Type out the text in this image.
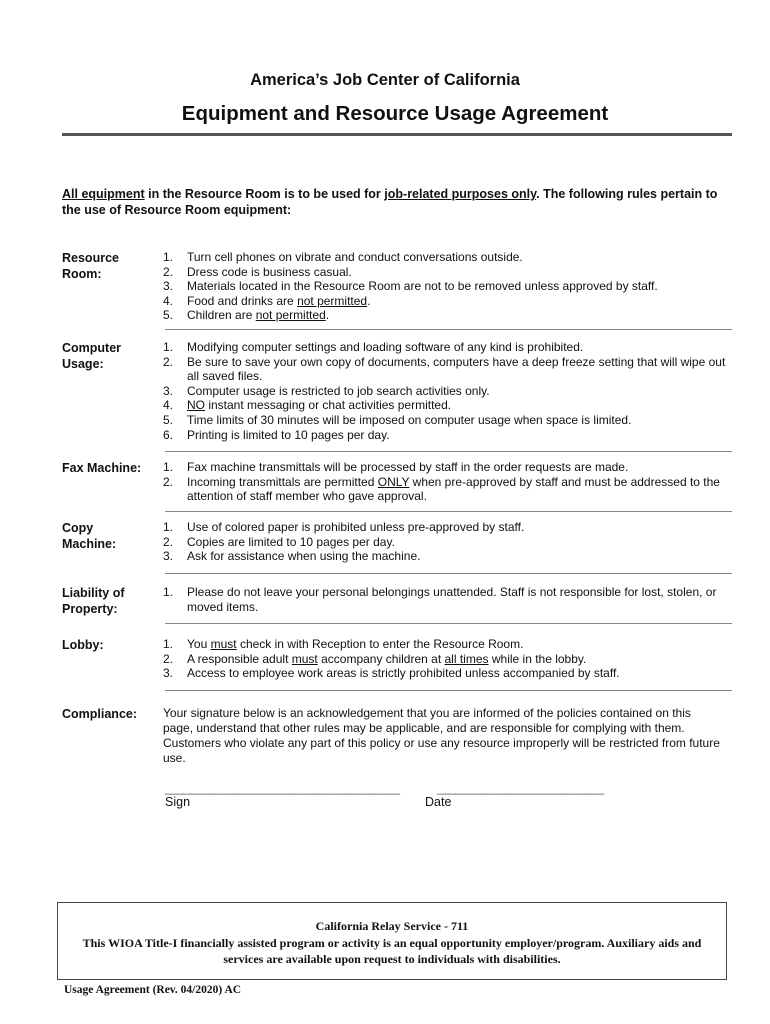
America’s Job Center of California
Equipment and Resource Usage Agreement
All equipment in the Resource Room is to be used for job-related purposes only. The following rules pertain to the use of Resource Room equipment:
Resource Room:
1. Turn cell phones on vibrate and conduct conversations outside.
2. Dress code is business casual.
3. Materials located in the Resource Room are not to be removed unless approved by staff.
4. Food and drinks are not permitted.
5. Children are not permitted.
Computer Usage:
1. Modifying computer settings and loading software of any kind is prohibited.
2. Be sure to save your own copy of documents, computers have a deep freeze setting that will wipe out all saved files.
3. Computer usage is restricted to job search activities only.
4. NO instant messaging or chat activities permitted.
5. Time limits of 30 minutes will be imposed on computer usage when space is limited.
6. Printing is limited to 10 pages per day.
Fax Machine:	1. Fax machine transmittals will be processed by staff in the order requests are made.
2. Incoming transmittals are permitted ONLY when pre-approved by staff and must be addressed to the attention of staff member who gave approval.
Copy Machine:
1. Use of colored paper is prohibited unless pre-approved by staff.
2. Copies are limited to 10 pages per day.
3. Ask for assistance when using the machine.
Liability of Property:
1. Please do not leave your personal belongings unattended. Staff is not responsible for lost, stolen, or moved items.
Lobby:	1. You must check in with Reception to enter the Resource Room.
2. A responsible adult must accompany children at all times while in the lobby.
3. Access to employee work areas is strictly prohibited unless accompanied by staff.
Compliance:	Your signature below is an acknowledgement that you are informed of the policies contained on this page, understand that other rules may be applicable, and are responsible for complying with them. Customers who violate any part of this policy or use any resource improperly will be restricted from future use.
______________________________________	___________________________
Sign	Date
California Relay Service - 711
This WIOA Title-I financially assisted program or activity is an equal opportunity employer/program. Auxiliary aids and services are available upon request to individuals with disabilities.
Usage Agreement (Rev. 04/2020) AC
